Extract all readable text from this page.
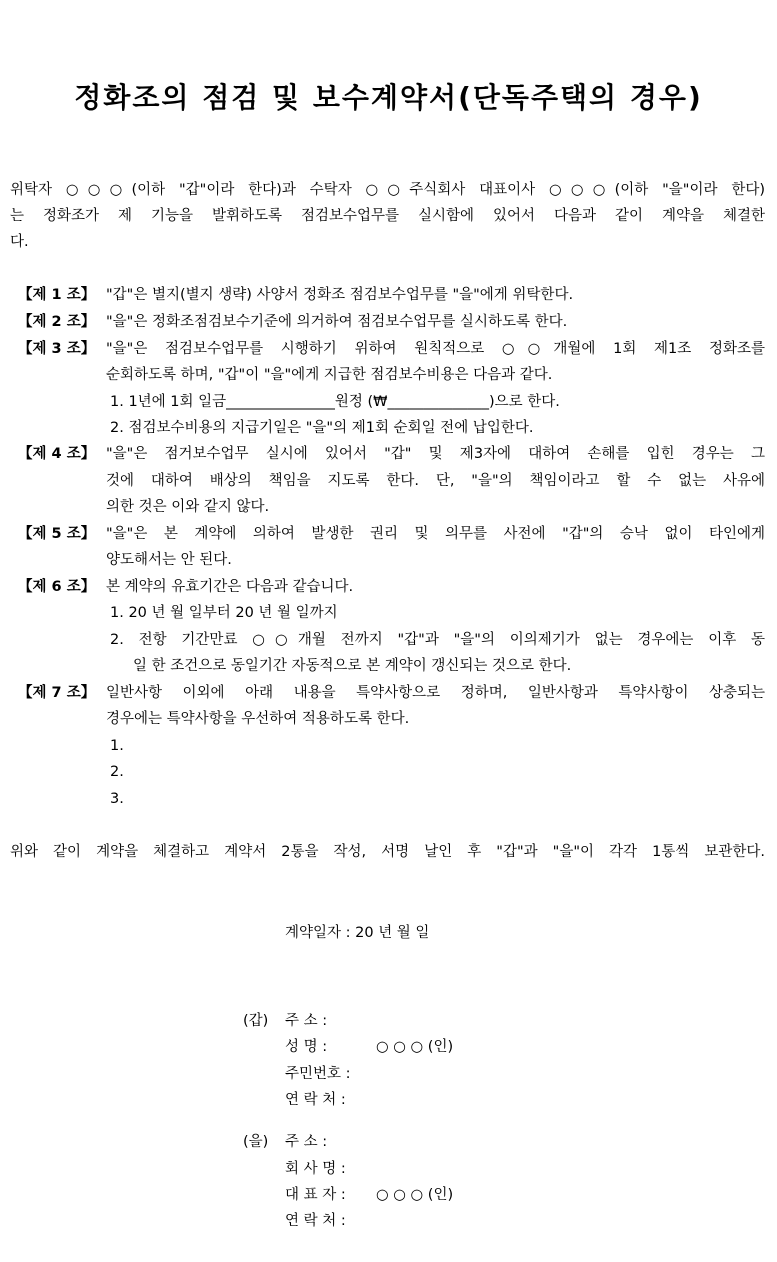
정화조의 점검 및 보수계약서(단독주택의 경우)
위탁자 ○○○(이하 "갑"이라 한다)과 수탁자 ○○주식회사 대표이사 ○○○(이하 "을"이라 한다)
는 정화조가 제 기능을 발휘하도록 점검보수업무를 실시함에 있어서 다음과 같이 계약을 체결한
다.
【제 1 조】 "갑"은 별지(별지 생략) 사양서 정화조 점검보수업무를 "을"에게 위탁한다.
【제 2 조】 "을"은 정화조점검보수기준에 의거하여 점검보수업무를 실시하도록 한다.
【제 3 조】 "을"은 점검보수업무를 시행하기 위하여 원칙적으로 ○○개월에 1회 제1조 정화조를
순회하도록 하며, "갑"이 "을"에게 지급한 점검보수비용은 다음과 같다.
1. 1년에 1회 일금_______________원정 (₩______________)으로 한다.
2. 점검보수비용의 지급기일은 "을"의 제1회 순회일 전에 납입한다.
【제 4 조】 "을"은 점거보수업무 실시에 있어서 "갑" 및 제3자에 대하여 손해를 입힌 경우는 그
것에 대하여 배상의 책임을 지도록 한다. 단, "을"의 책임이라고 할 수 없는 사유에
의한 것은 이와 같지 않다.
【제 5 조】 "을"은 본 계약에 의하여 발생한 권리 및 의무를 사전에 "갑"의 승낙 없이 타인에게
양도해서는 안 된다.
【제 6 조】 본 계약의 유효기간은 다음과 같습니다.
1. 20 년 월 일부터 20 년 월 일까지
2. 전항 기간만료 ○○개월 전까지 "갑"과 "을"의 이의제기가 없는 경우에는 이후 동
일 한 조건으로 동일기간 자동적으로 본 계약이 갱신되는 것으로 한다.
【제 7 조】 일반사항 이외에 아래 내용을 특약사항으로 정하며, 일반사항과 특약사항이 상충되는
경우에는 특약사항을 우선하여 적용하도록 한다.
1.
2.
3.
위와 같이 계약을 체결하고 계약서 2통을 작성, 서명 날인 후 "갑"과 "을"이 각각 1통씩 보관한다.
계약일자 : 20 년 월 일
(갑) 주 소 :
성 명 :	○ ○ ○ (인)
주민번호 :
연 락 처 :
(을) 주 소 :
회 사 명 :
대 표 자 : ○ ○ ○ (인)
연 락 처 :
